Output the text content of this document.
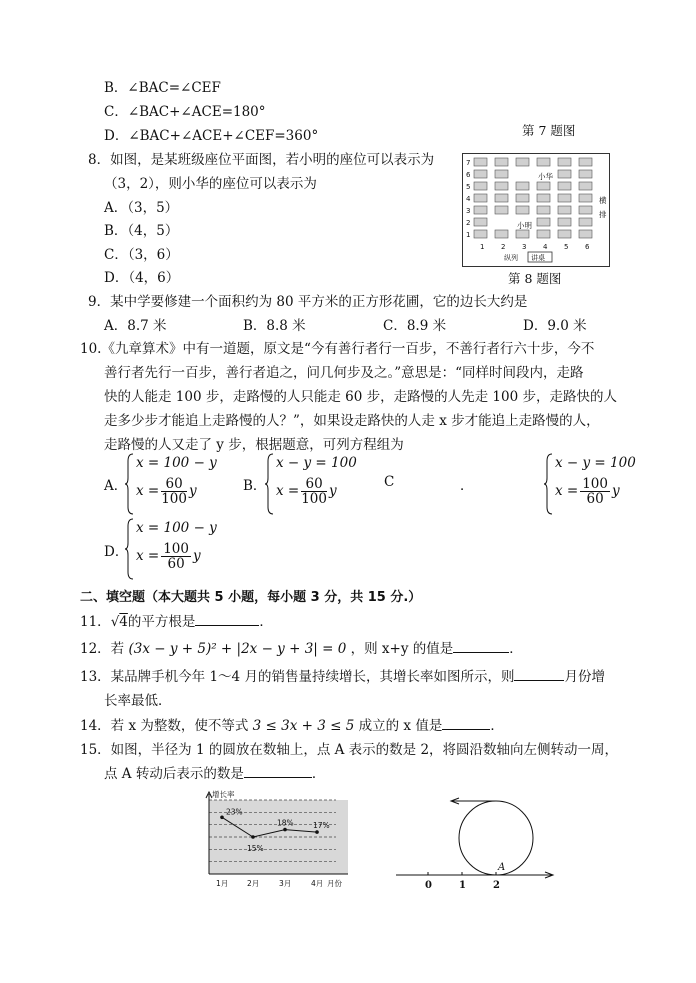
B．∠BAC=∠CEF
C．∠BAC+∠ACE=180°
D．∠BAC+∠ACE+∠CEF=360°	第 7 题图
8．如图，是某班级座位平面图，若小明的座位可以表示为
（3，2），则小华的座位可以表示为
A．（3，5）
B．（4，5）
C．（3，6）
D．（4，6）
7
6
5
4
3
2
1
1 2 3 4 5 6
小华
小明
横
排
纵列 讲桌
第 8 题图
9．某中学要修建一个面积约为 80 平方米的正方形花圃，它的边长大约是
A．8.7 米	B．8.8 米	C．8.9 米	D．9.0 米
10.《九章算术》中有一道题，原文是“今有善行者行一百步，不善行者行六十步，今不
善行者先行一百步，善行者追之，问几何步及之。”意思是：“同样时间段内，走路
快的人能走 100 步，走路慢的人只能走 60 步，走路慢的人先走 100 步，走路快的人
走多少步才能追上走路慢的人？”，如果设走路快的人走 x 步才能追上走路慢的人，
走路慢的人又走了 y 步，根据题意，可列方程组为
A．
x = 100 − y
$x = \frac{60}{100}$ y	B．
x − y = 100
$x = \frac{60}{100}$ y
C	．
x − y = 100
$x = \frac{100}{60}$ y
D．
x = 100 − y
$x = \frac{100}{60}$ y
二、填空题（本大题共 5 小题，每小题 3 分，共 15 分.）
11．√4的平方根是	．
12．若 (3x − y + 5)² + |2x − y + 3| = 0 ，则 x+y 的值是	．
13．某品牌手机今年 1～4 月的销售量持续增长，其增长率如图所示，则	月份增
长率最低．
14．若 x 为整数，使不等式 3 ≤ 3x + 3 ≤ 5 成立的 x 值是	．
15．如图，半径为 1 的圆放在数轴上，点 A 表示的数是 2，将圆沿数轴向左侧转动一周，
点 A 转动后表示的数是	．
增长率
月份
23%
1月
15%
2月
18%
3月
17%
4月	0	1	2
A
